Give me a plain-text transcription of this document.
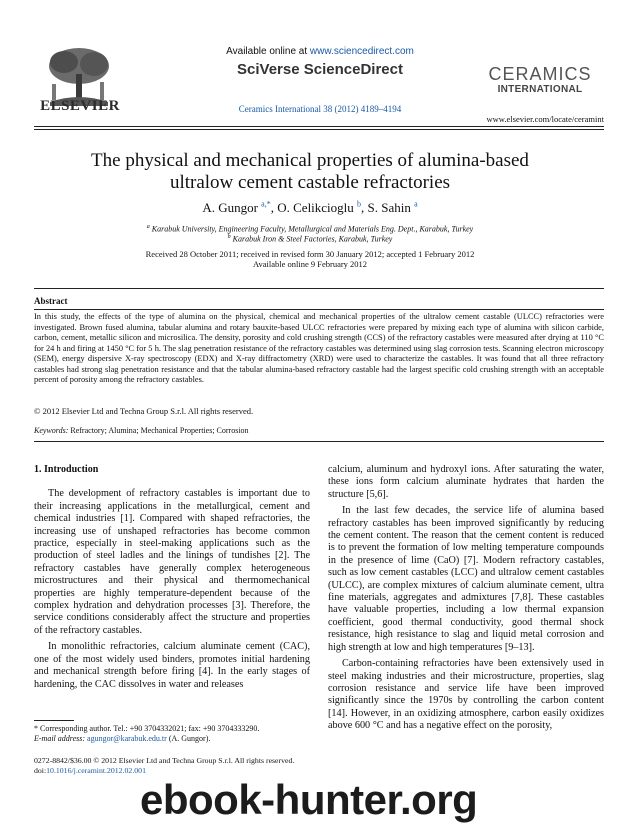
ELSEVIER
Available online at www.sciencedirect.com
SciVerse ScienceDirect
Ceramics International 38 (2012) 4189–4194
CERAMICS
INTERNATIONAL
www.elsevier.com/locate/ceramint
The physical and mechanical properties of alumina-based
ultralow cement castable refractories
A. Gungor $^{a,*}$, O. Celikcioglu $^b$, S. Sahin $^a$
$^a$ Karabuk University, Engineering Faculty, Metallurgical and Materials Eng. Dept., Karabuk, Turkey
$^b$ Karabuk Iron & Steel Factories, Karabuk, Turkey
Received 28 October 2011; received in revised form 30 January 2012; accepted 1 February 2012
Available online 9 February 2012
Abstract
In this study, the effects of the type of alumina on the physical, chemical and mechanical properties of the ultralow cement castable (ULCC) refractories were investigated. Brown fused alumina, tabular alumina and rotary bauxite-based ULCC refractories were prepared by mixing each type of alumina with silicon carbide, carbon, cement, metallic silicon and microsilica. The density, porosity and cold crushing strength (CCS) of the refractory castables were measured after drying at 110 °C for 24 h and firing at 1450 °C for 5 h. The slag penetration resistance of the refractory castables was determined using slag corrosion tests. Scanning electron microscopy (SEM), energy dispersive X-ray spectroscopy (EDX) and X-ray diffractometry (XRD) were used to characterize the castables. It was found that all three refractory castables had strong slag penetration resistance and that the tabular alumina-based refractory castable had the largest specific cold crushing strength with an acceptable percent of porosity among the refractory castables.
© 2012 Elsevier Ltd and Techna Group S.r.l. All rights reserved.
Keywords: Refractory; Alumina; Mechanical Properties; Corrosion
1. Introduction

The development of refractory castables is important due to their increasing applications in the metallurgical, cement and chemical industries [1]. Compared with shaped refractories, the increasing use of unshaped refractories has become common practice, especially in steel-making applications such as the production of steel ladles and the linings of tundishes [2]. The refractory castables have generally complex heterogeneous microstructures and their physical and thermomechanical properties are highly temperature-dependent because of the complex hydration and dehydration processes [3]. Therefore, the service conditions considerably affect the structure and properties of the refractory castables.

In monolithic refractories, calcium aluminate cement (CAC), one of the most widely used binders, promotes initial hardening and mechanical strength before firing [4]. In the early stages of hardening, the CAC dissolves in water and releases

calcium, aluminum and hydroxyl ions. After saturating the water, these ions form calcium aluminate hydrates that harden the structure [5,6].

In the last few decades, the service life of alumina based refractory castables has been improved significantly by reducing the cement content. The reason that the cement content is reduced is to prevent the formation of low melting temperature compounds in the presence of lime (CaO) [7]. Modern refractory castables, such as low cement castables (LCC) and ultralow cement castables (ULCC), are complex mixtures of calcium aluminate cement, ultra fine materials, aggregates and admixtures [7,8]. These castables have valuable properties, including a low thermal expansion coefficient, good thermal conductivity, good thermal shock resistance, high resistance to slag and liquid metal corrosion and high strength at low and high temperatures [9–13].

Carbon-containing refractories have been extensively used in steel making industries and their microstructure, properties, slag corrosion resistance and service life have been improved significantly since the 1970s by controlling the carbon content [14]. However, in an oxidizing atmosphere, carbon easily oxidizes above 600 °C and has a negative effect on the porosity,

* Corresponding author. Tel.: +90 3704332021; fax: +90 3704333290.
E-mail address: agungor@karabuk.edu.tr (A. Gungor).
0272-8842/$36.00 © 2012 Elsevier Ltd and Techna Group S.r.l. All rights reserved.
doi:10.1016/j.ceramint.2012.02.001
ebook-hunter.org
